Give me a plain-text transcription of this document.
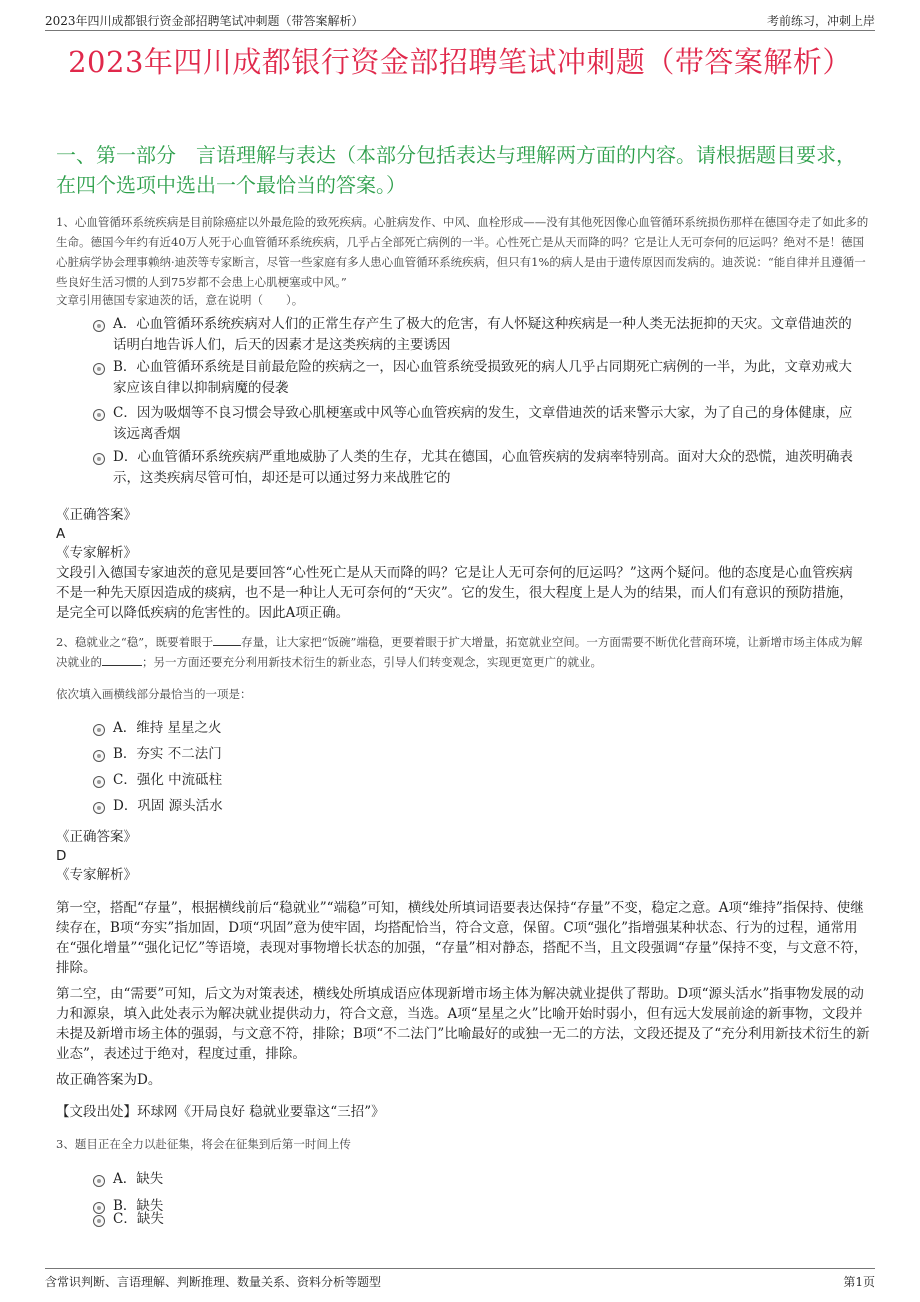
2023年四川成都银行资金部招聘笔试冲刺题（带答案解析）	考前练习，冲刺上岸
2023年四川成都银行资金部招聘笔试冲刺题（带答案解析）
一、第一部分　言语理解与表达（本部分包括表达与理解两方面的内容。请根据题目要求，在四个选项中选出一个最恰当的答案。）
1、心血管循环系统疾病是目前除癌症以外最危险的致死疾病。心脏病发作、中风、血栓形成——没有其他死因像心血管循环系统损伤那样在德国夺走了如此多的生命。德国今年约有近40万人死于心血管循环系统疾病，几乎占全部死亡病例的一半。心性死亡是从天而降的吗？它是让人无可奈何的厄运吗？绝对不是！德国心脏病学协会理事赖纳·迪茨等专家断言，尽管一些家庭有多人患心血管循环系统疾病，但只有1%的病人是由于遗传原因而发病的。迪茨说：“能自律并且遵循一些良好生活习惯的人到75岁都不会患上心肌梗塞或中风。”
文章引用德国专家迪茨的话，意在说明（　　）。
A．心血管循环系统疾病对人们的正常生存产生了极大的危害，有人怀疑这种疾病是一种人类无法扼抑的天灾。文章借迪茨的话明白地告诉人们，后天的因素才是这类疾病的主要诱因
B．心血管循环系统是目前最危险的疾病之一，因心血管系统受损致死的病人几乎占同期死亡病例的一半，为此，文章劝戒大家应该自律以抑制病魔的侵袭
C．因为吸烟等不良习惯会导致心肌梗塞或中风等心血管疾病的发生，文章借迪茨的话来警示大家，为了自己的身体健康，应该远离香烟
D．心血管循环系统疾病严重地威胁了人类的生存，尤其在德国，心血管疾病的发病率特别高。面对大众的恐慌，迪茨明确表示，这类疾病尽管可怕，却还是可以通过努力来战胜它的
《正确答案》
A
《专家解析》
文段引入德国专家迪茨的意见是要回答“心性死亡是从天而降的吗？它是让人无可奈何的厄运吗？”这两个疑问。他的态度是心血管疾病不是一种先天原因造成的痰病，也不是一种让人无可奈何的“天灾”。它的发生，很大程度上是人为的结果，而人们有意识的预防措施，是完全可以降低疾病的危害性的。因此A项正确。
2、稳就业之“稳”，既要着眼于 存量，让大家把“饭碗”端稳，更要着眼于扩大增量，拓宽就业空间。一方面需要不断优化营商环境，让新增市场主体成为解决就业的	；另一方面还要充分利用新技术衍生的新业态，引导人们转变观念，实现更宽更广的就业。
依次填入画横线部分最恰当的一项是：
A．维持 星星之火
B．夯实 不二法门
C．强化 中流砥柱
D．巩固 源头活水
《正确答案》
D
《专家解析》
第一空，搭配“存量”，根据横线前后“稳就业”“端稳”可知，横线处所填词语要表达保持“存量”不变，稳定之意。A项“维持”指保持、使继续存在，B项“夯实”指加固，D项“巩固”意为使牢固，均搭配恰当，符合文意，保留。C项“强化”指增强某种状态、行为的过程，通常用在“强化增量”“强化记忆”等语境，表现对事物增长状态的加强，“存量”相对静态，搭配不当，且文段强调“存量”保持不变，与文意不符，排除。
第二空，由“需要”可知，后文为对策表述，横线处所填成语应体现新增市场主体为解决就业提供了帮助。D项“源头活水”指事物发展的动力和源泉，填入此处表示为解决就业提供动力，符合文意，当选。A项“星星之火”比喻开始时弱小，但有远大发展前途的新事物，文段并未提及新增市场主体的强弱，与文意不符，排除；B项“不二法门”比喻最好的或独一无二的方法，文段还提及了“充分利用新技术衍生的新业态”，表述过于绝对，程度过重，排除。
故正确答案为D。
【文段出处】环球网《开局良好 稳就业要靠这“三招”》
3、题目正在全力以赴征集，将会在征集到后第一时间上传
A．缺失
B．缺失
C．缺失
含常识判断、言语理解、判断推理、数量关系、资料分析等题型	第1页
